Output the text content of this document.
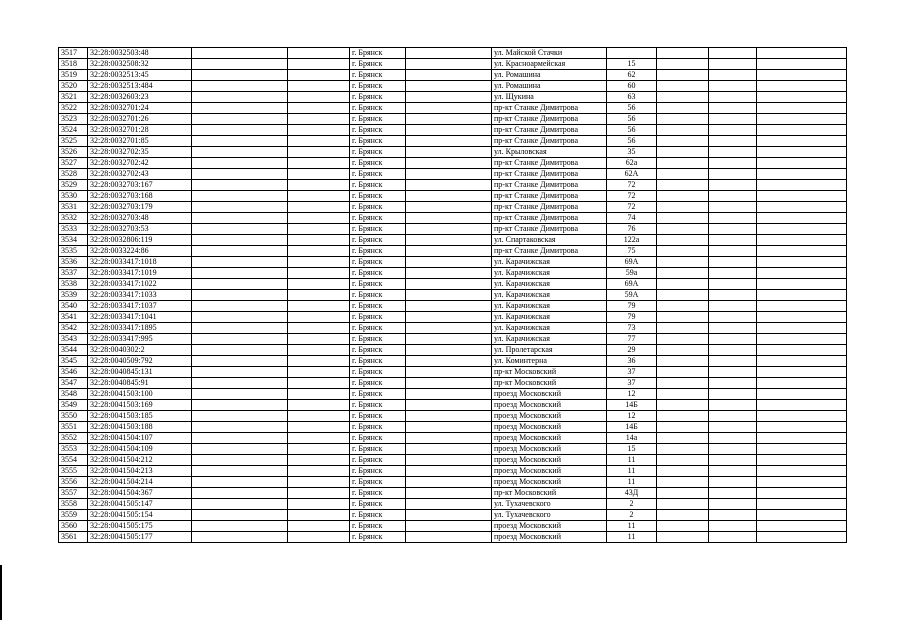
3517	32:28:0032503:48			г. Брянск		ул. Майской Стачки				
3518	32:28:0032508:32			г. Брянск		ул. Красноармейская	15			
3519	32:28:0032513:45			г. Брянск		ул. Ромашина	62			
3520	32:28:0032513:484			г. Брянск		ул. Ромашина	60			
3521	32:28:0032603:23			г. Брянск		ул. Щукина	63			
3522	32:28:0032701:24			г. Брянск		пр-кт Станке Димитрова	56			
3523	32:28:0032701:26			г. Брянск		пр-кт Станке Димитрова	56			
3524	32:28:0032701:28			г. Брянск		пр-кт Станке Димитрова	56			
3525	32:28:0032701:85			г. Брянск		пр-кт Станке Димитрова	56			
3526	32:28:0032702:35			г. Брянск		ул. Крыловская	35			
3527	32:28:0032702:42			г. Брянск		пр-кт Станке Димитрова	62а			
3528	32:28:0032702:43			г. Брянск		пр-кт Станке Димитрова	62А			
3529	32:28:0032703:167			г. Брянск		пр-кт Станке Димитрова	72			
3530	32:28:0032703:168			г. Брянск		пр-кт Станке Димитрова	72			
3531	32:28:0032703:179			г. Брянск		пр-кт Станке Димитрова	72			
3532	32:28:0032703:48			г. Брянск		пр-кт Станке Димитрова	74			
3533	32:28:0032703:53			г. Брянск		пр-кт Станке Димитрова	76			
3534	32:28:0032806:119			г. Брянск		ул. Спартаковская	122а			
3535	32:28:0033224:86			г. Брянск		пр-кт Станке Димитрова	75			
3536	32:28:0033417:1018			г. Брянск		ул. Карачижская	69А			
3537	32:28:0033417:1019			г. Брянск		ул. Карачижская	59а			
3538	32:28:0033417:1022			г. Брянск		ул. Карачижская	69А			
3539	32:28:0033417:1033			г. Брянск		ул. Карачижская	59А			
3540	32:28:0033417:1037			г. Брянск		ул. Карачижская	79			
3541	32:28:0033417:1041			г. Брянск		ул. Карачижская	79			
3542	32:28:0033417:1895			г. Брянск		ул. Карачижская	73			
3543	32:28:0033417:995			г. Брянск		ул. Карачижская	77			
3544	32:28:0040302:2			г. Брянск		ул. Пролетарская	29			
3545	32:28:0040509:792			г. Брянск		ул. Коминтерна	36			
3546	32:28:0040845:131			г. Брянск		пр-кт Московский	37			
3547	32:28:0040845:91			г. Брянск		пр-кт Московский	37			
3548	32:28:0041503:100			г. Брянск		проезд Московский	12			
3549	32:28:0041503:169			г. Брянск		проезд Московский	14Б			
3550	32:28:0041503:185			г. Брянск		проезд Московский	12			
3551	32:28:0041503:188			г. Брянск		проезд Московский	14Б			
3552	32:28:0041504:107			г. Брянск		проезд Московский	14а			
3553	32:28:0041504:109			г. Брянск		проезд Московский	15			
3554	32:28:0041504:212			г. Брянск		проезд Московский	11			
3555	32:28:0041504:213			г. Брянск		проезд Московский	11			
3556	32:28:0041504:214			г. Брянск		проезд Московский	11			
3557	32:28:0041504:367			г. Брянск		пр-кт Московский	43Д			
3558	32:28:0041505:147			г. Брянск		ул. Тухачевского	2			
3559	32:28:0041505:154			г. Брянск		ул. Тухачевского	2			
3560	32:28:0041505:175			г. Брянск		проезд Московский	11			
3561	32:28:0041505:177			г. Брянск		проезд Московский	11			
